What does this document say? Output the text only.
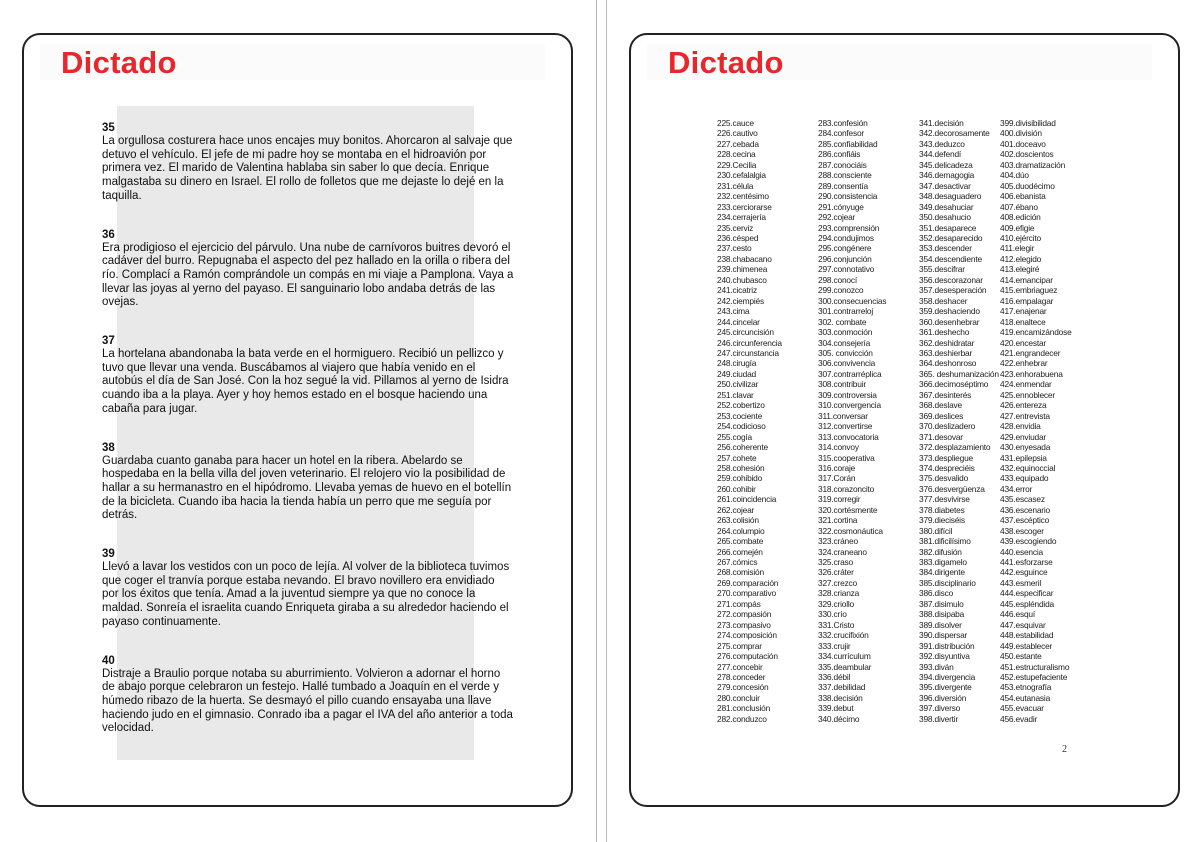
Dictado
35
La orgullosa costurera hace unos encajes muy bonitos. Ahorcaron al salvaje que detuvo el vehículo. El jefe de mi padre hoy se montaba en el hidroavión por primera vez. El marido de Valentina hablaba sin saber lo que decía. Enrique malgastaba su dinero en Israel. El rollo de folletos que me dejaste lo dejé en la taquilla.
36
Era prodigioso el ejercicio del párvulo. Una nube de carnívoros buitres devoró el cadáver del burro. Repugnaba el aspecto del pez hallado en la orilla o ribera del río. Complací a Ramón comprándole un compás en mi viaje a Pamplona. Vaya a llevar las joyas al yerno del payaso. El sanguinario lobo andaba detrás de las ovejas.
37
La hortelana abandonaba la bata verde en el hormiguero. Recibió un pellizco y tuvo que llevar una venda. Buscábamos al viajero que había venido en el autobús el día de San José. Con la hoz segué la vid. Pillamos al yerno de Isidra cuando iba a la playa. Ayer y hoy hemos estado en el bosque haciendo una cabaña para jugar.
38
Guardaba cuanto ganaba para hacer un hotel en la ribera. Abelardo se hospedaba en la bella villa del joven veterinario. El relojero vio la posibilidad de hallar a su hermanastro en el hipódromo. Llevaba yemas de huevo en el botellín de la bicicleta. Cuando iba hacia la tienda había un perro que me seguía por detrás.
39
Llevó a lavar los vestidos con un poco de lejía. Al volver de la biblioteca tuvimos que coger el tranvía porque estaba nevando. El bravo novillero era envidiado por los éxitos que tenía. Amad a la juventud siempre ya que no conoce la maldad. Sonreía el israelita cuando Enriqueta giraba a su alrededor haciendo el payaso continuamente.
40
Distraje a Braulio porque notaba su aburrimiento. Volvieron a adornar el horno de abajo porque celebraron un festejo. Hallé tumbado a Joaquín en el verde y húmedo ribazo de la huerta. Se desmayó el pillo cuando ensayaba una llave haciendo judo en el gimnasio. Conrado iba a pagar el IVA del año anterior a toda velocidad.
Dictado
225.cauce
226.cautivo
227.cebada
228.cecina
229.Cecilia
230.cefalalgia
231.célula
232.centésimo
233.cerciorarse
234.cerrajería
235.cerviz
236.césped
237.cesto
238.chabacano
239.chimenea
240.chubasco
241.cicatriz
242.ciempiés
243.cima
244.cincelar
245.circuncisión
246.circunferencia
247.circunstancia
248.cirugía
249.ciudad
250.civilizar
251.clavar
252.cobertizo
253.cociente
254.codicioso
255.cogía
256.coherente
257.cohete
258.cohesión
259.cohibido
260.cohibir
261.coincidencia
262.cojear
263.colisión
264.columpio
265.combate
266.comején
267.cómics
268.comisión
269.comparación
270.comparativo
271.compás
272.compasión
273.compasivo
274.composición
275.comprar
276.computación
277.concebir
278.conceder
279.concesión
280.concluir
281.conclusión
282.conduzco
283.confesión
284.confesor
285.confiabilidad
286.confiáis
287.conociáis
288.consciente
289.consentía
290.consistencia
291.cónyuge
292.cojear
293.comprensión
294.condujimos
295.congénere
296.conjunción
297.connotativo
298.conocí
299.conozco
300.consecuencias
301.contrarreloj
302. combate
303.conmoción
304.consejería
305. convicción
306.convivencia
307.contrarréplica
308.contribuir
309.controversia
310.convergencia
311.conversar
312.convertirse
313.convocatoria
314.convoy
315.cooperativa
316.coraje
317.Corán
318.corazoncito
319.corregir
320.cortésmente
321.cortina
322.cosmonáutica
323.cráneo
324.craneano
325.craso
326.cráter
327.crezco
328.crianza
329.criollo
330.crío
331.Cristo
332.crucifixión
333.crujir
334.currículum
335.deambular
336.débil
337.debilidad
338.decisión
339.debut
340.décimo
341.decisión
342.decorosamente
343.deduzco
344.defendí
345.delicadeza
346.demagogia
347.desactivar
348.desaguadero
349.desahuciar
350.desahucio
351.desaparece
352.desaparecido
353.descender
354.descendiente
355.descifrar
356.descorazonar
357.desesperación
358.deshacer
359.deshaciendo
360.desenhebrar
361.deshecho
362.deshidratar
363.deshierbar
364.deshonroso
365. deshumanización
366.decimoséptimo
367.desinterés
368.deslave
369.deslices
370.deslizadero
371.desovar
372.desplazamiento
373.despliegue
374.despreciéis
375.desvalido
376.desvergüenza
377.desvivirse
378.diabetes
379.dieciséis
380.difícil
381.dificilísimo
382.difusión
383.digamelo
384.dirigente
385.disciplinario
386.disco
387.disimulo
388.disipaba
389.disolver
390.dispersar
391.distribución
392.disyuntiva
393.diván
394.divergencia
395.divergente
396.diversión
397.diverso
398.divertir
399.divisibilidad
400.división
401.doceavo
402.doscientos
403.dramatización
404.dúo
405.duodécimo
406.ebanista
407.ébano
408.edición
409.efigie
410.ejército
411.elegir
412.elegido
413.elegiré
414.emancipar
415.embriaguez
416.empalagar
417.enajenar
418.enaltece
419.encamizándose
420.encestar
421.engrandecer
422.enhebrar
423.enhorabuena
424.enmendar
425.ennoblecer
426.entereza
427.entrevista
428.envidia
429.enviudar
430.enyesada
431.epilepsia
432.equinoccial
433.equipado
434.error
435.escasez
436.escenario
437.escéptico
438.escoger
439.escogiendo
440.esencia
441.esforzarse
442.esguince
443.esmeril
444.especificar
445.espléndida
446.esquí
447.esquivar
448.estabilidad
449.establecer
450.estante
451.estructuralismo
452.estupefaciente
453.etnografía
454.eutanasia
455.evacuar
456.evadir
2
